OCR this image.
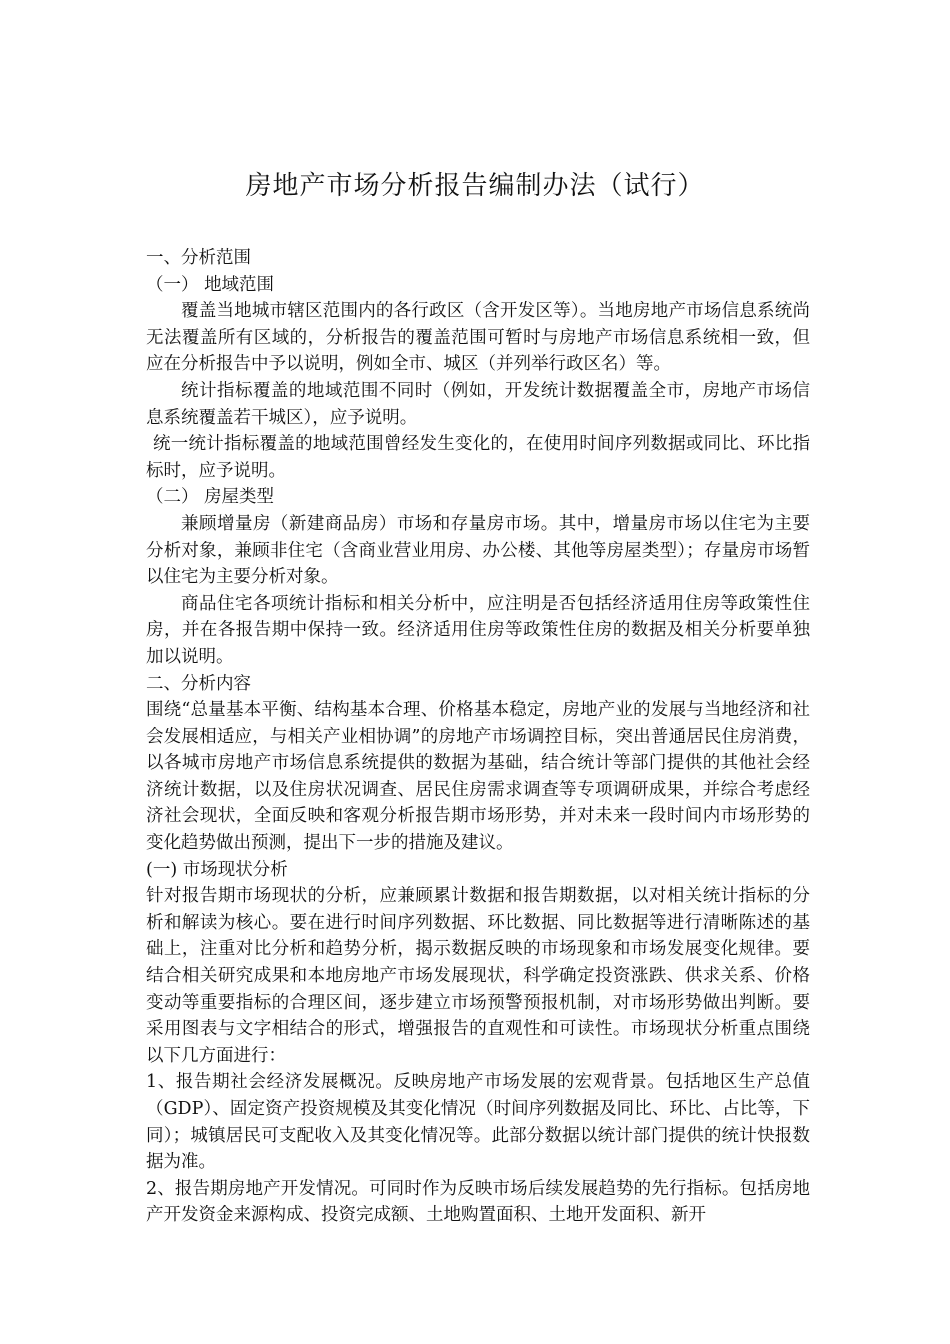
房地产市场分析报告编制办法（试行）

一、分析范围

（一） 地域范围

覆盖当地城市辖区范围内的各行政区（含开发区等）。当地房地产市场信息系统尚无法覆盖所有区域的，分析报告的覆盖范围可暂时与房地产市场信息系统相一致，但应在分析报告中予以说明，例如全市、城区（并列举行政区名）等。

统计指标覆盖的地域范围不同时（例如，开发统计数据覆盖全市，房地产市场信息系统覆盖若干城区），应予说明。

统一统计指标覆盖的地域范围曾经发生变化的，在使用时间序列数据或同比、环比指标时，应予说明。

（二） 房屋类型

兼顾增量房（新建商品房）市场和存量房市场。其中，增量房市场以住宅为主要分析对象，兼顾非住宅（含商业营业用房、办公楼、其他等房屋类型）；存量房市场暂以住宅为主要分析对象。

商品住宅各项统计指标和相关分析中，应注明是否包括经济适用住房等政策性住房，并在各报告期中保持一致。经济适用住房等政策性住房的数据及相关分析要单独加以说明。

二、分析内容

围绕“总量基本平衡、结构基本合理、价格基本稳定，房地产业的发展与当地经济和社会发展相适应，与相关产业相协调”的房地产市场调控目标，突出普通居民住房消费，以各城市房地产市场信息系统提供的数据为基础，结合统计等部门提供的其他社会经济统计数据，以及住房状况调查、居民住房需求调查等专项调研成果，并综合考虑经济社会现状，全面反映和客观分析报告期市场形势，并对未来一段时间内市场形势的变化趋势做出预测，提出下一步的措施及建议。

(一) 市场现状分析

针对报告期市场现状的分析，应兼顾累计数据和报告期数据，以对相关统计指标的分析和解读为核心。要在进行时间序列数据、环比数据、同比数据等进行清晰陈述的基础上，注重对比分析和趋势分析，揭示数据反映的市场现象和市场发展变化规律。要结合相关研究成果和本地房地产市场发展现状，科学确定投资涨跌、供求关系、价格变动等重要指标的合理区间，逐步建立市场预警预报机制，对市场形势做出判断。要采用图表与文字相结合的形式，增强报告的直观性和可读性。市场现状分析重点围绕以下几方面进行：

1、报告期社会经济发展概况。反映房地产市场发展的宏观背景。包括地区生产总值（GDP）、固定资产投资规模及其变化情况（时间序列数据及同比、环比、占比等，下同）；城镇居民可支配收入及其变化情况等。此部分数据以统计部门提供的统计快报数据为准。

2、报告期房地产开发情况。可同时作为反映市场后续发展趋势的先行指标。包括房地产开发资金来源构成、投资完成额、土地购置面积、土地开发面积、新开
